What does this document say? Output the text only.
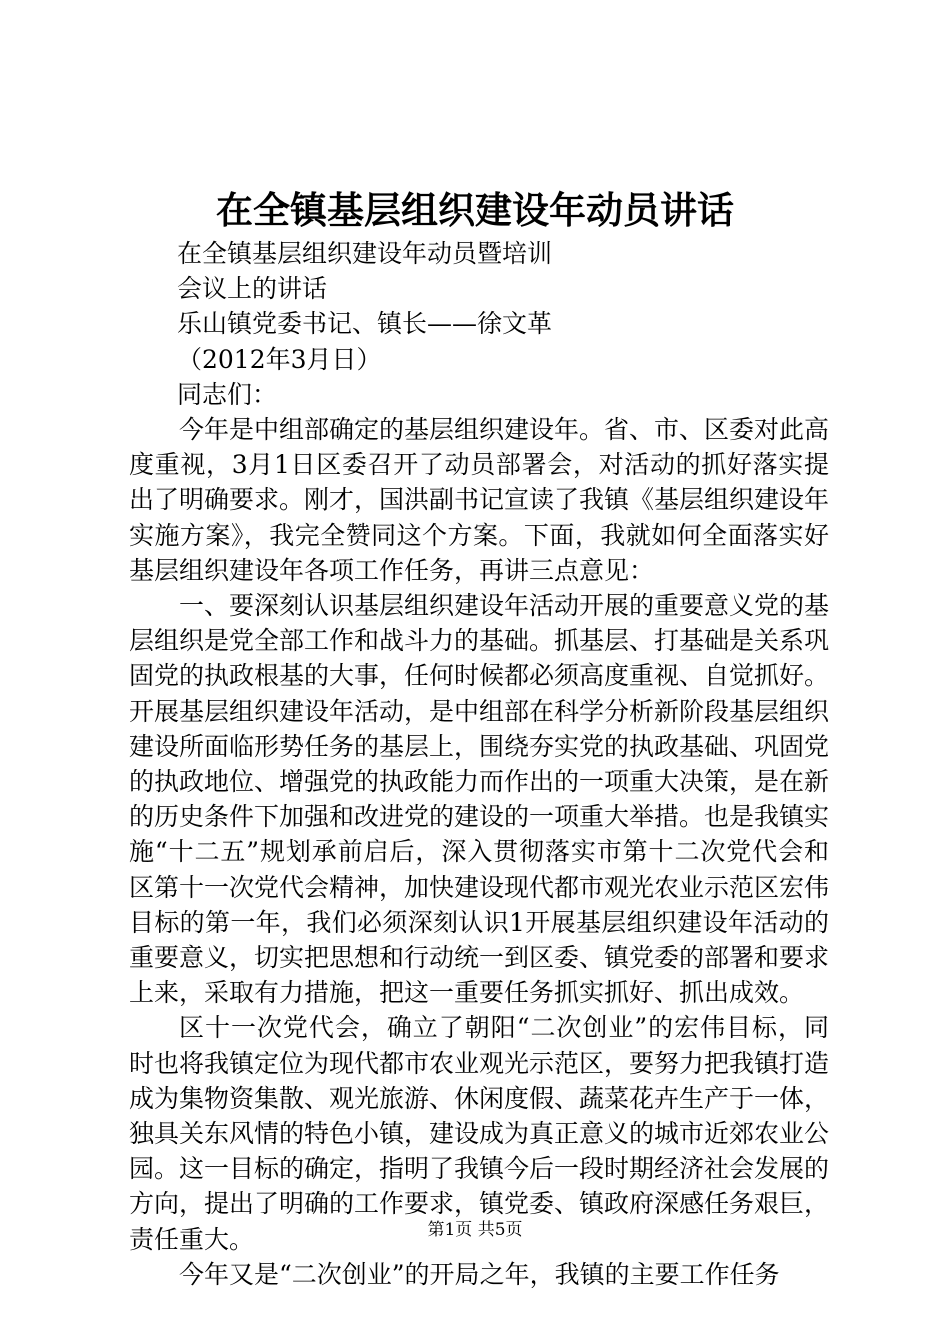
在全镇基层组织建设年动员讲话
在全镇基层组织建设年动员暨培训
会议上的讲话
乐山镇党委书记、镇长——徐文革
（2012年3月日）
同志们：

今年是中组部确定的基层组织建设年。省、市、区委对此高度重视，3月1日区委召开了动员部署会，对活动的抓好落实提出了明确要求。刚才，国洪副书记宣读了我镇《基层组织建设年实施方案》，我完全赞同这个方案。下面，我就如何全面落实好基层组织建设年各项工作任务，再讲三点意见：

一、要深刻认识基层组织建设年活动开展的重要意义党的基层组织是党全部工作和战斗力的基础。抓基层、打基础是关系巩固党的执政根基的大事，任何时候都必须高度重视、自觉抓好。开展基层组织建设年活动，是中组部在科学分析新阶段基层组织建设所面临形势任务的基层上，围绕夯实党的执政基础、巩固党的执政地位、增强党的执政能力而作出的一项重大决策，是在新的历史条件下加强和改进党的建设的一项重大举措。也是我镇实施“十二五”规划承前启后，深入贯彻落实市第十二次党代会和区第十一次党代会精神，加快建设现代都市观光农业示范区宏伟目标的第一年，我们必须深刻认识1开展基层组织建设年活动的重要意义，切实把思想和行动统一到区委、镇党委的部署和要求上来，采取有力措施，把这一重要任务抓实抓好、抓出成效。

区十一次党代会，确立了朝阳“二次创业”的宏伟目标，同时也将我镇定位为现代都市农业观光示范区，要努力把我镇打造成为集物资集散、观光旅游、休闲度假、蔬菜花卉生产于一体，独具关东风情的特色小镇，建设成为真正意义的城市近郊农业公园。这一目标的确定，指明了我镇今后一段时期经济社会发展的方向，提出了明确的工作要求，镇党委、镇政府深感任务艰巨，责任重大。

今年又是“二次创业”的开局之年，我镇的主要工作任务

第1页 共5页
